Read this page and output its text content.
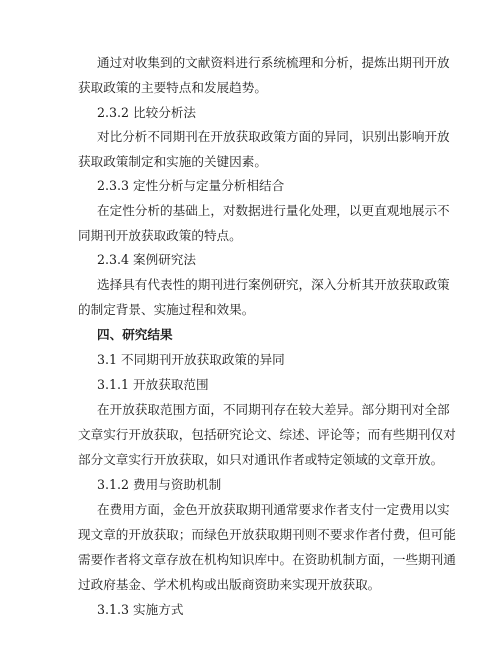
通过对收集到的文献资料进行系统梳理和分析，提炼出期刊开放
获取政策的主要特点和发展趋势。
2.3.2 比较分析法
对比分析不同期刊在开放获取政策方面的异同，识别出影响开放
获取政策制定和实施的关键因素。
2.3.3 定性分析与定量分析相结合
在定性分析的基础上，对数据进行量化处理，以更直观地展示不
同期刊开放获取政策的特点。
2.3.4 案例研究法
选择具有代表性的期刊进行案例研究，深入分析其开放获取政策
的制定背景、实施过程和效果。
四、研究结果
3.1 不同期刊开放获取政策的异同
3.1.1 开放获取范围
在开放获取范围方面，不同期刊存在较大差异。部分期刊对全部
文章实行开放获取，包括研究论文、综述、评论等；而有些期刊仅对
部分文章实行开放获取，如只对通讯作者或特定领域的文章开放。
3.1.2 费用与资助机制
在费用方面，金色开放获取期刊通常要求作者支付一定费用以实
现文章的开放获取；而绿色开放获取期刊则不要求作者付费，但可能
需要作者将文章存放在机构知识库中。在资助机制方面，一些期刊通
过政府基金、学术机构或出版商资助来实现开放获取。
3.1.3 实施方式
